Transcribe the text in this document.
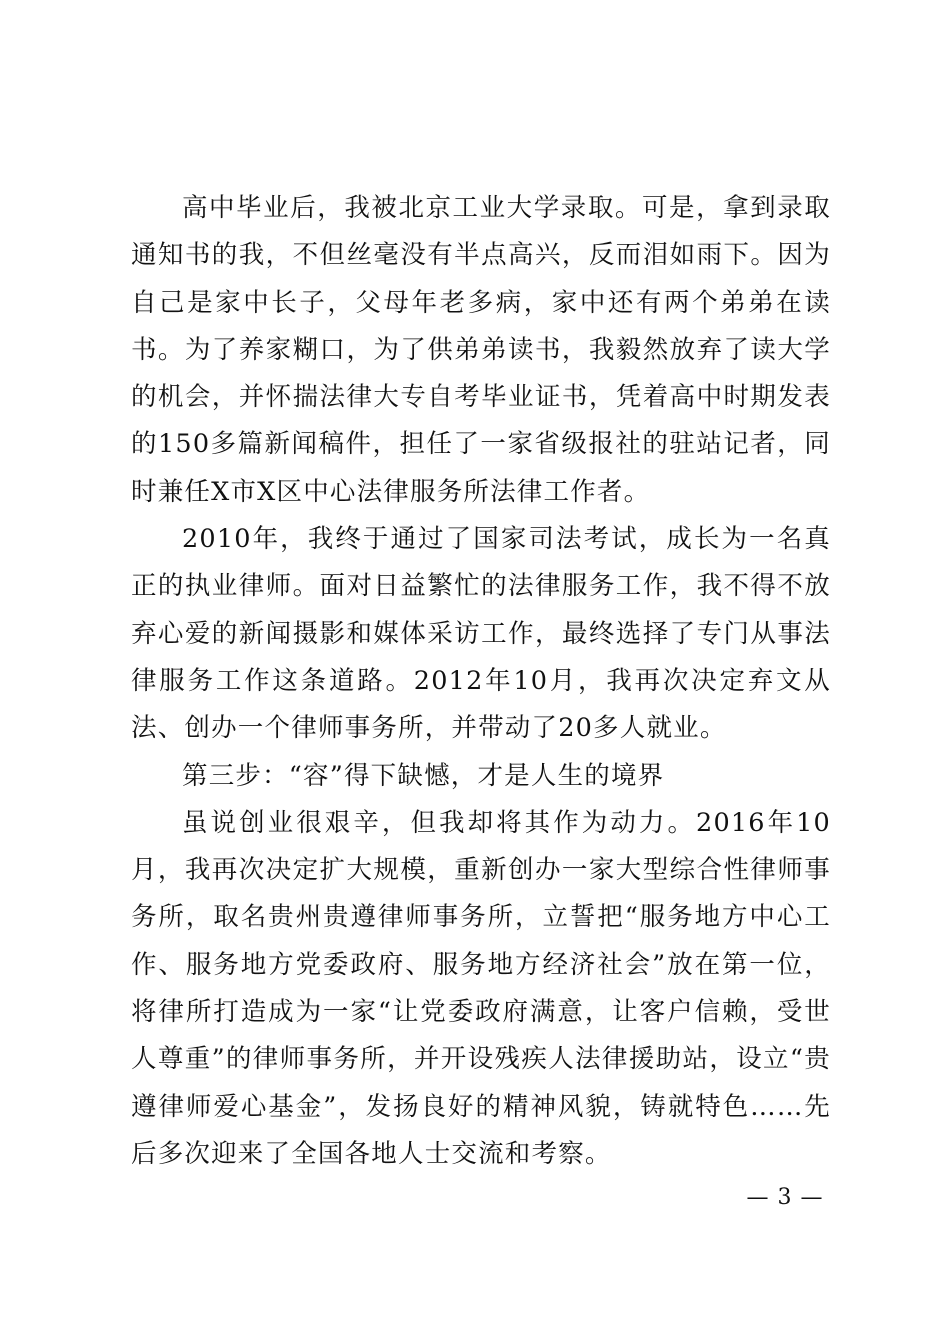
高中毕业后，我被北京工业大学录取。可是，拿到录取通知书的我，不但丝毫没有半点高兴，反而泪如雨下。因为自己是家中长子，父母年老多病，家中还有两个弟弟在读书。为了养家糊口，为了供弟弟读书，我毅然放弃了读大学的机会，并怀揣法律大专自考毕业证书，凭着高中时期发表的150多篇新闻稿件，担任了一家省级报社的驻站记者，同时兼任X市X区中心法律服务所法律工作者。

2010年，我终于通过了国家司法考试，成长为一名真正的执业律师。面对日益繁忙的法律服务工作，我不得不放弃心爱的新闻摄影和媒体采访工作，最终选择了专门从事法律服务工作这条道路。2012年10月，我再次决定弃文从法、创办一个律师事务所，并带动了20多人就业。

第三步：“容”得下缺憾，才是人生的境界

虽说创业很艰辛，但我却将其作为动力。2016年10月，我再次决定扩大规模，重新创办一家大型综合性律师事务所，取名贵州贵遵律师事务所，立誓把“服务地方中心工作、服务地方党委政府、服务地方经济社会”放在第一位，将律所打造成为一家“让党委政府满意，让客户信赖，受世人尊重”的律师事务所，并开设残疾人法律援助站，设立“贵遵律师爱心基金”，发扬良好的精神风貌，铸就特色……先后多次迎来了全国各地人士交流和考察。

— 3 —
